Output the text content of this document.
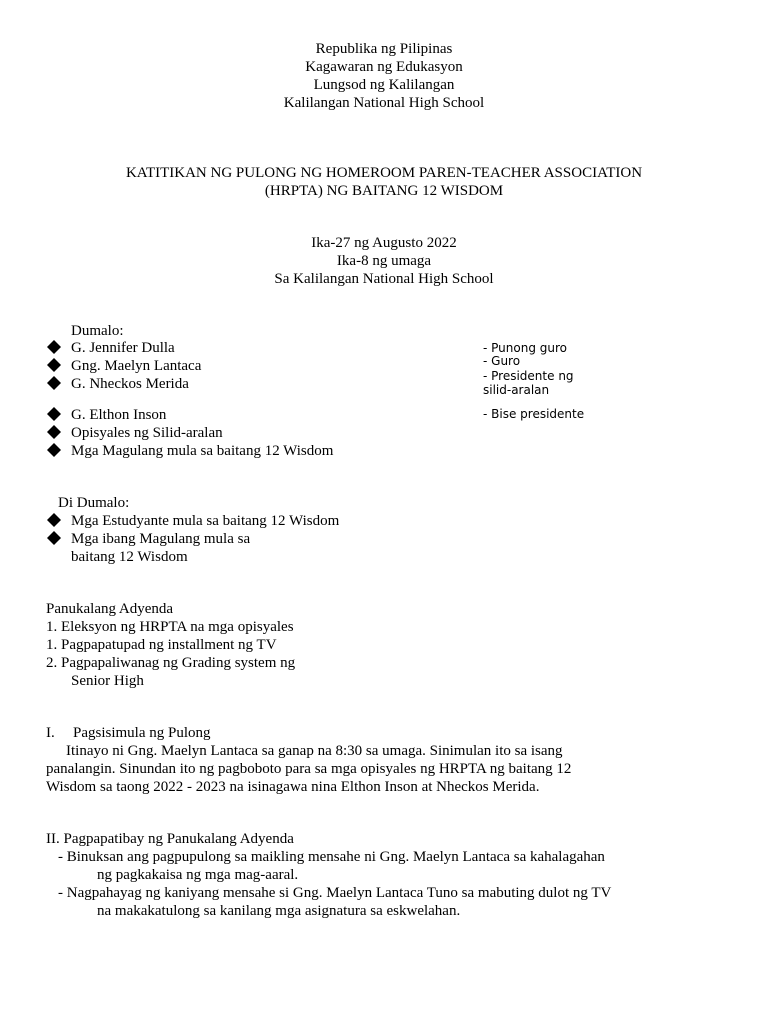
Republika ng Pilipinas
Kagawaran ng Edukasyon
Lungsod ng Kalilangan
Kalilangan National High School
KATITIKAN NG PULONG NG HOMEROOM PAREN-TEACHER ASSOCIATION
(HRPTA) NG BAITANG 12 WISDOM
Ika-27 ng Augusto 2022
Ika-8 ng umaga
Sa Kalilangan National High School
Dumalo:
G. Jennifer Dulla
Gng. Maelyn Lantaca
G. Nheckos Merida
G. Elthon Inson
Opisyales ng Silid-aralan
Mga Magulang mula sa baitang 12 Wisdom
- Punong guro
- Guro
- Presidente ng
silid-aralan
- Bise presidente
Di Dumalo:
Mga Estudyante mula sa baitang 12 Wisdom
Mga ibang Magulang mula sa
baitang 12 Wisdom
Panukalang Adyenda
1. Eleksyon ng HRPTA na mga opisyales
1. Pagpapatupad ng installment ng TV
2. Pagpapaliwanag ng Grading system ng
Senior High
I. Pagsisimula ng Pulong
Itinayo ni Gng. Maelyn Lantaca sa ganap na 8:30 sa umaga. Sinimulan ito sa isang
panalangin. Sinundan ito ng pagboboto para sa mga opisyales ng HRPTA ng baitang 12
Wisdom sa taong 2022 - 2023 na isinagawa nina Elthon Inson at Nheckos Merida.
II. Pagpapatibay ng Panukalang Adyenda
- Binuksan ang pagpupulong sa maikling mensahe ni Gng. Maelyn Lantaca sa kahalagahan
ng pagkakaisa ng mga mag-aaral.
- Nagpahayag ng kaniyang mensahe si Gng. Maelyn Lantaca Tuno sa mabuting dulot ng TV
na makakatulong sa kanilang mga asignatura sa eskwelahan.
